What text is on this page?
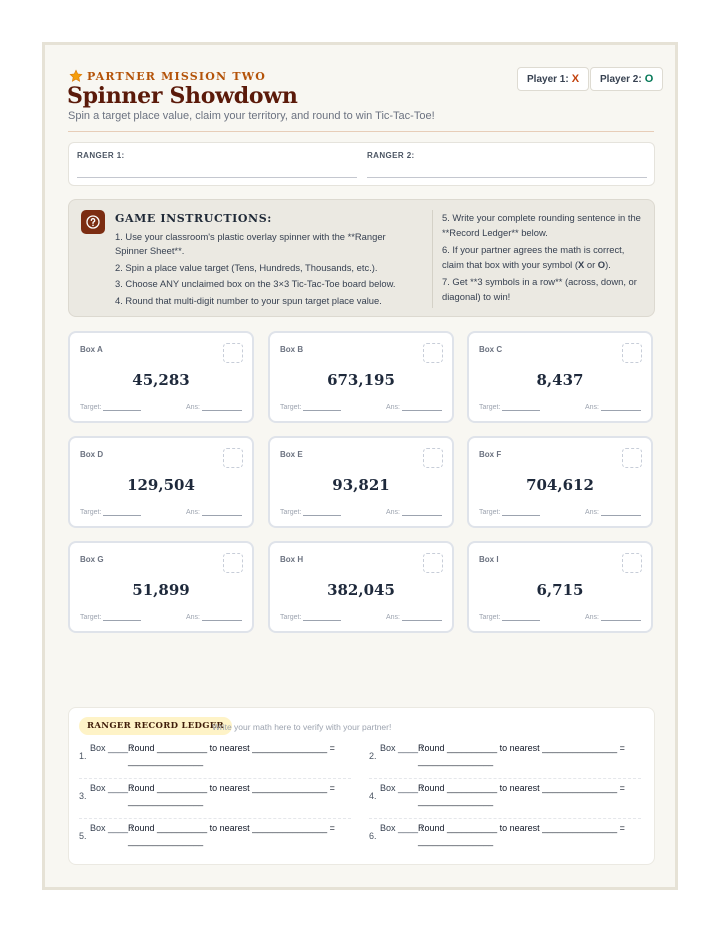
PARTNER MISSION TWO
Spinner Showdown
Spin a target place value, claim your territory, and round to win Tic-Tac-Toe!
Player 1: X Player 2: O
RANGER 1:	RANGER 2:
GAME INSTRUCTIONS:
1. Use your classroom's plastic overlay spinner with the **Ranger Spinner Sheet**.
2. Spin a place value target (Tens, Hundreds, Thousands, etc.).
3. Choose ANY unclaimed box on the 3×3 Tic-Tac-Toe board below.
4. Round that multi-digit number to your spun target place value.
5. Write your complete rounding sentence in the **Record Ledger** below.
6. If your partner agrees the math is correct, claim that box with your symbol (X or O).
7. Get **3 symbols in a row** (across, down, or diagonal) to win!
Box A
45,283
Target:	Ans:
Box B
673,195
Target:	Ans:
Box C
8,437
Target:	Ans:
Box D
129,504
Target:	Ans:
Box E
93,821
Target:	Ans:
Box F
704,612
Target:	Ans:
Box G
51,899
Target:	Ans:
Box H
382,045
Target:	Ans:
Box I
6,715
Target:	Ans:
RANGER RECORD LEDGER
Write your math here to verify with your partner!
1.
Box ____ :
Round __________ to nearest _______________ = _______________	2.
Box ____ :
Round __________ to nearest _______________ = _______________
3.
Box ____ :
Round __________ to nearest _______________ = _______________	4.
Box ____ :
Round __________ to nearest _______________ = _______________
5.
Box ____ :
Round __________ to nearest _______________ = _______________	6.
Box ____ :
Round __________ to nearest _______________ = _______________
